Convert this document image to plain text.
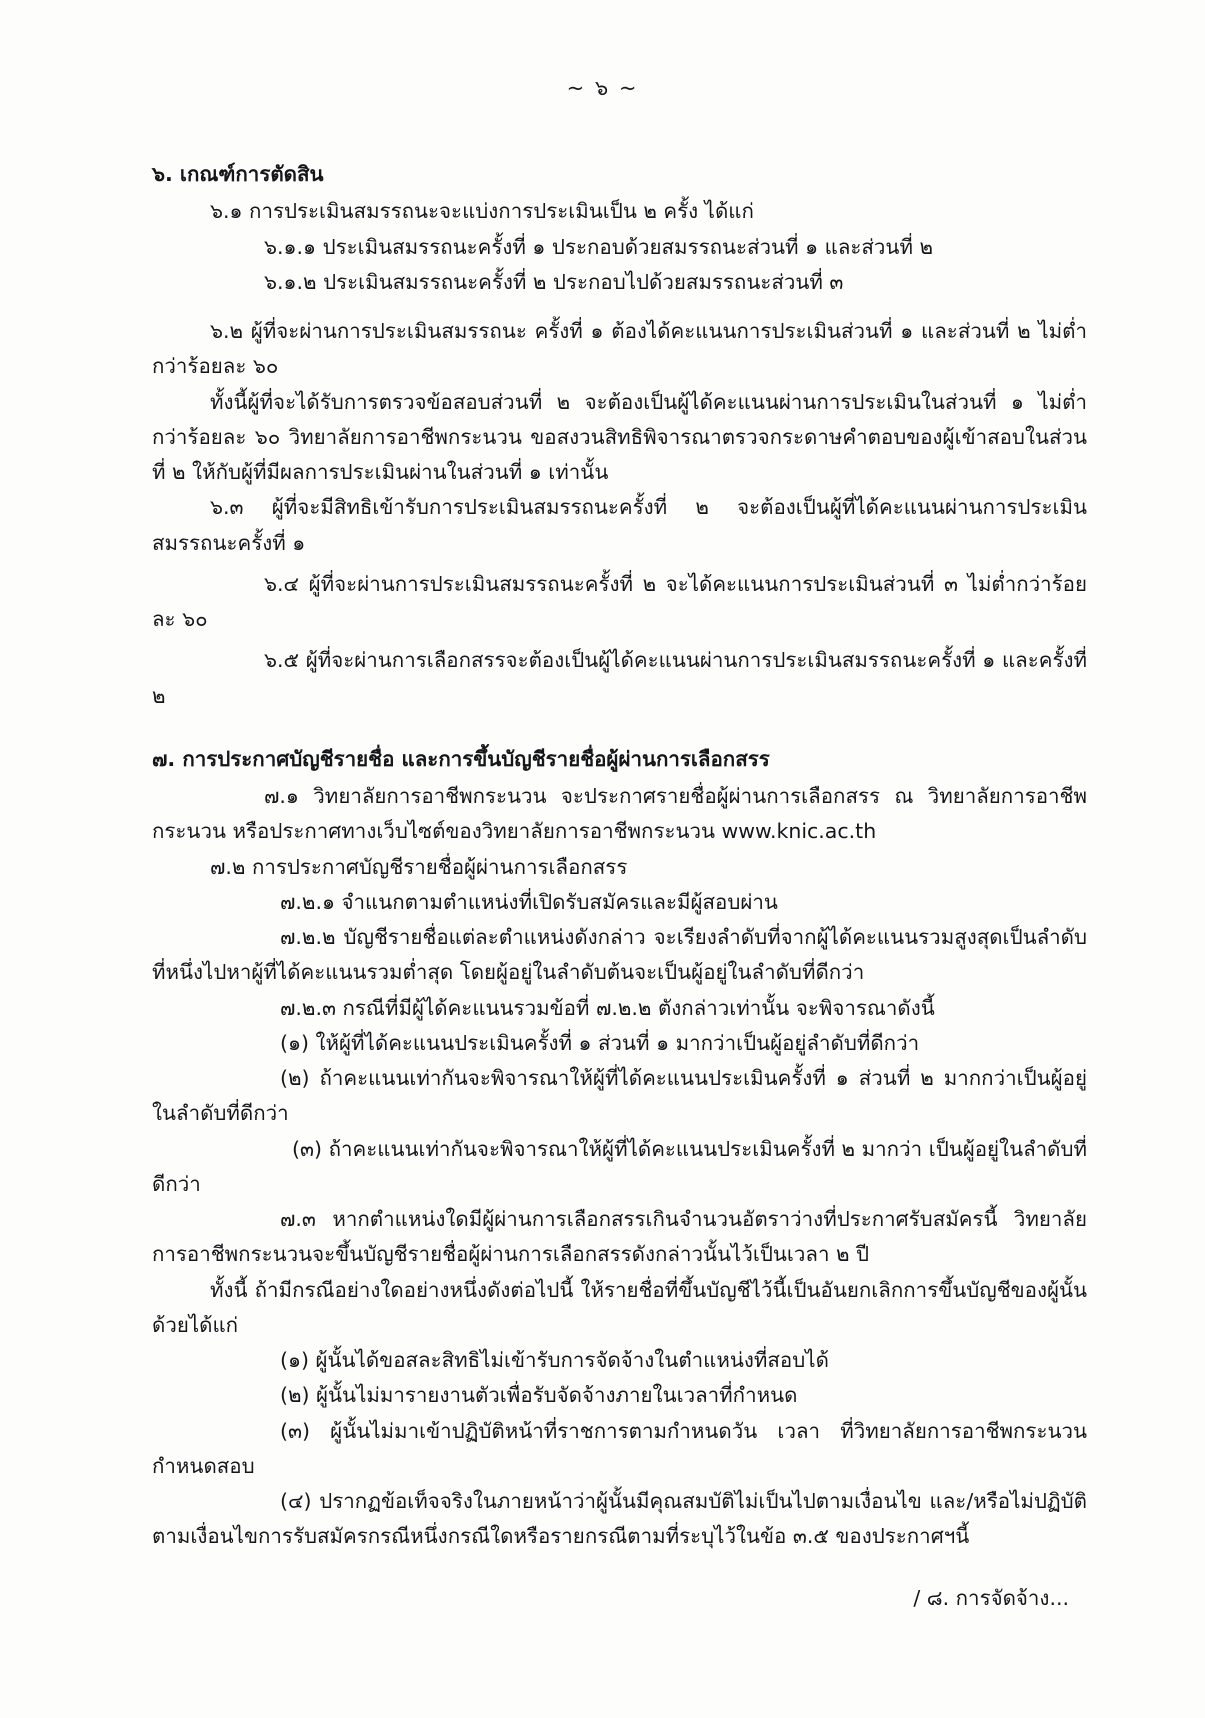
~ ๖ ~
๖. เกณฑ์การตัดสิน

๖.๑ การประเมินสมรรถนะจะแบ่งการประเมินเป็น ๒ ครั้ง ได้แก่

๖.๑.๑ ประเมินสมรรถนะครั้งที่ ๑ ประกอบด้วยสมรรถนะส่วนที่ ๑ และส่วนที่ ๒

๖.๑.๒ ประเมินสมรรถนะครั้งที่ ๒ ประกอบไปด้วยสมรรถนะส่วนที่ ๓

๖.๒ ผู้ที่จะผ่านการประเมินสมรรถนะ ครั้งที่ ๑ ต้องได้คะแนนการประเมินส่วนที่ ๑ และส่วนที่ ๒ ไม่ต่ำกว่าร้อยละ ๖๐

ทั้งนี้ผู้ที่จะได้รับการตรวจข้อสอบส่วนที่ ๒ จะต้องเป็นผู้ได้คะแนนผ่านการประเมินในส่วนที่ ๑ ไม่ต่ำกว่าร้อยละ ๖๐ วิทยาลัยการอาชีพกระนวน ขอสงวนสิทธิพิจารณาตรวจกระดาษคำตอบของผู้เข้าสอบในส่วนที่ ๒ ให้กับผู้ที่มีผลการประเมินผ่านในส่วนที่ ๑ เท่านั้น

๖.๓ ผู้ที่จะมีสิทธิเข้ารับการประเมินสมรรถนะครั้งที่ ๒ จะต้องเป็นผู้ที่ได้คะแนนผ่านการประเมินสมรรถนะครั้งที่ ๑

๖.๔ ผู้ที่จะผ่านการประเมินสมรรถนะครั้งที่ ๒ จะได้คะแนนการประเมินส่วนที่ ๓ ไม่ต่ำกว่าร้อยละ ๖๐

๖.๕ ผู้ที่จะผ่านการเลือกสรรจะต้องเป็นผู้ได้คะแนนผ่านการประเมินสมรรถนะครั้งที่ ๑ และครั้งที่ ๒

๗. การประกาศบัญชีรายชื่อ และการขึ้นบัญชีรายชื่อผู้ผ่านการเลือกสรร

๗.๑ วิทยาลัยการอาชีพกระนวน จะประกาศรายชื่อผู้ผ่านการเลือกสรร ณ วิทยาลัยการอาชีพกระนวน หรือประกาศทางเว็บไซต์ของวิทยาลัยการอาชีพกระนวน www.knic.ac.th

๗.๒ การประกาศบัญชีรายชื่อผู้ผ่านการเลือกสรร

๗.๒.๑ จำแนกตามตำแหน่งที่เปิดรับสมัครและมีผู้สอบผ่าน

๗.๒.๒ บัญชีรายชื่อแต่ละตำแหน่งดังกล่าว จะเรียงลำดับที่จากผู้ได้คะแนนรวมสูงสุดเป็นลำดับที่หนึ่งไปหาผู้ที่ได้คะแนนรวมต่ำสุด โดยผู้อยู่ในลำดับต้นจะเป็นผู้อยู่ในลำดับที่ดีกว่า

๗.๒.๓ กรณีที่มีผู้ได้คะแนนรวมข้อที่ ๗.๒.๒ ตังกล่าวเท่านั้น จะพิจารณาดังนี้

(๑) ให้ผู้ที่ได้คะแนนประเมินครั้งที่ ๑ ส่วนที่ ๑ มากว่าเป็นผู้อยู่ลำดับที่ดีกว่า

(๒) ถ้าคะแนนเท่ากันจะพิจารณาให้ผู้ที่ได้คะแนนประเมินครั้งที่ ๑ ส่วนที่ ๒ มากกว่าเป็นผู้อยู่ในลำดับที่ดีกว่า

(๓) ถ้าคะแนนเท่ากันจะพิจารณาให้ผู้ที่ได้คะแนนประเมินครั้งที่ ๒ มากว่า เป็นผู้อยู่ในลำดับที่ดีกว่า

๗.๓ หากตำแหน่งใดมีผู้ผ่านการเลือกสรรเกินจำนวนอัตราว่างที่ประกาศรับสมัครนี้ วิทยาลัยการอาชีพกระนวนจะขึ้นบัญชีรายชื่อผู้ผ่านการเลือกสรรดังกล่าวนั้นไว้เป็นเวลา ๒ ปี

ทั้งนี้ ถ้ามีกรณีอย่างใดอย่างหนึ่งดังต่อไปนี้ ให้รายชื่อที่ขึ้นบัญชีไว้นี้เป็นอันยกเลิกการขึ้นบัญชีของผู้นั้นด้วยได้แก่

(๑) ผู้นั้นได้ขอสละสิทธิไม่เข้ารับการจัดจ้างในตำแหน่งที่สอบได้

(๒) ผู้นั้นไม่มารายงานตัวเพื่อรับจัดจ้างภายในเวลาที่กำหนด

(๓) ผู้นั้นไม่มาเข้าปฏิบัติหน้าที่ราชการตามกำหนดวัน เวลา ที่วิทยาลัยการอาชีพกระนวนกำหนดสอบ

(๔) ปรากฏข้อเท็จจริงในภายหน้าว่าผู้นั้นมีคุณสมบัติไม่เป็นไปตามเงื่อนไข และ/หรือไม่ปฏิบัติตามเงื่อนไขการรับสมัครกรณีหนึ่งกรณีใดหรือรายกรณีตามที่ระบุไว้ในข้อ ๓.๕ ของประกาศฯนี้

/ ๘. การจัดจ้าง...
